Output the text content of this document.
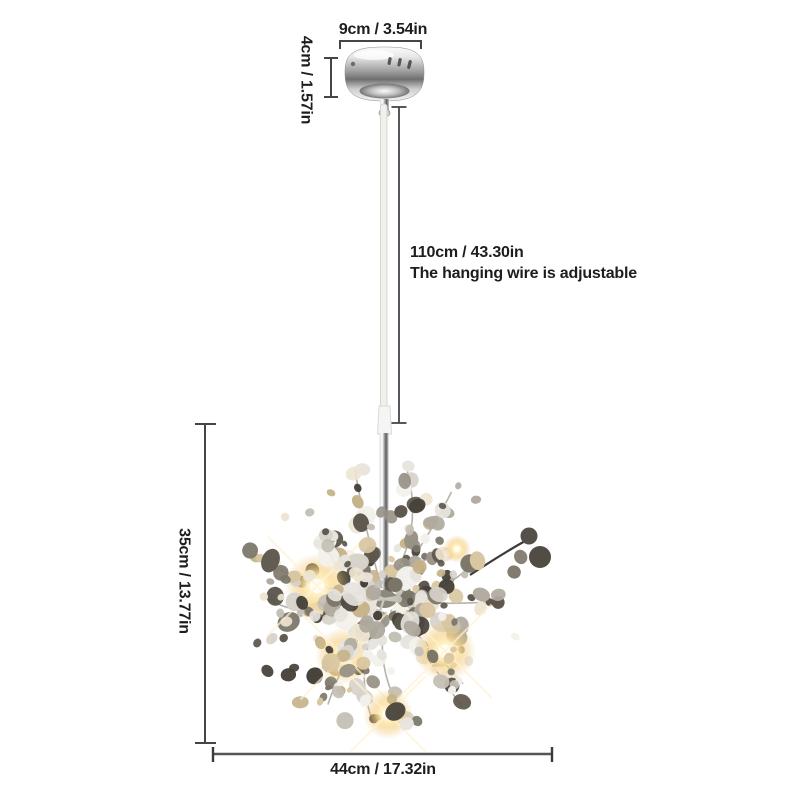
9cm / 3.54in
4cm / 1.57in
110cm / 43.30in
The hanging wire is adjustable
35cm / 13.77in
44cm / 17.32in
